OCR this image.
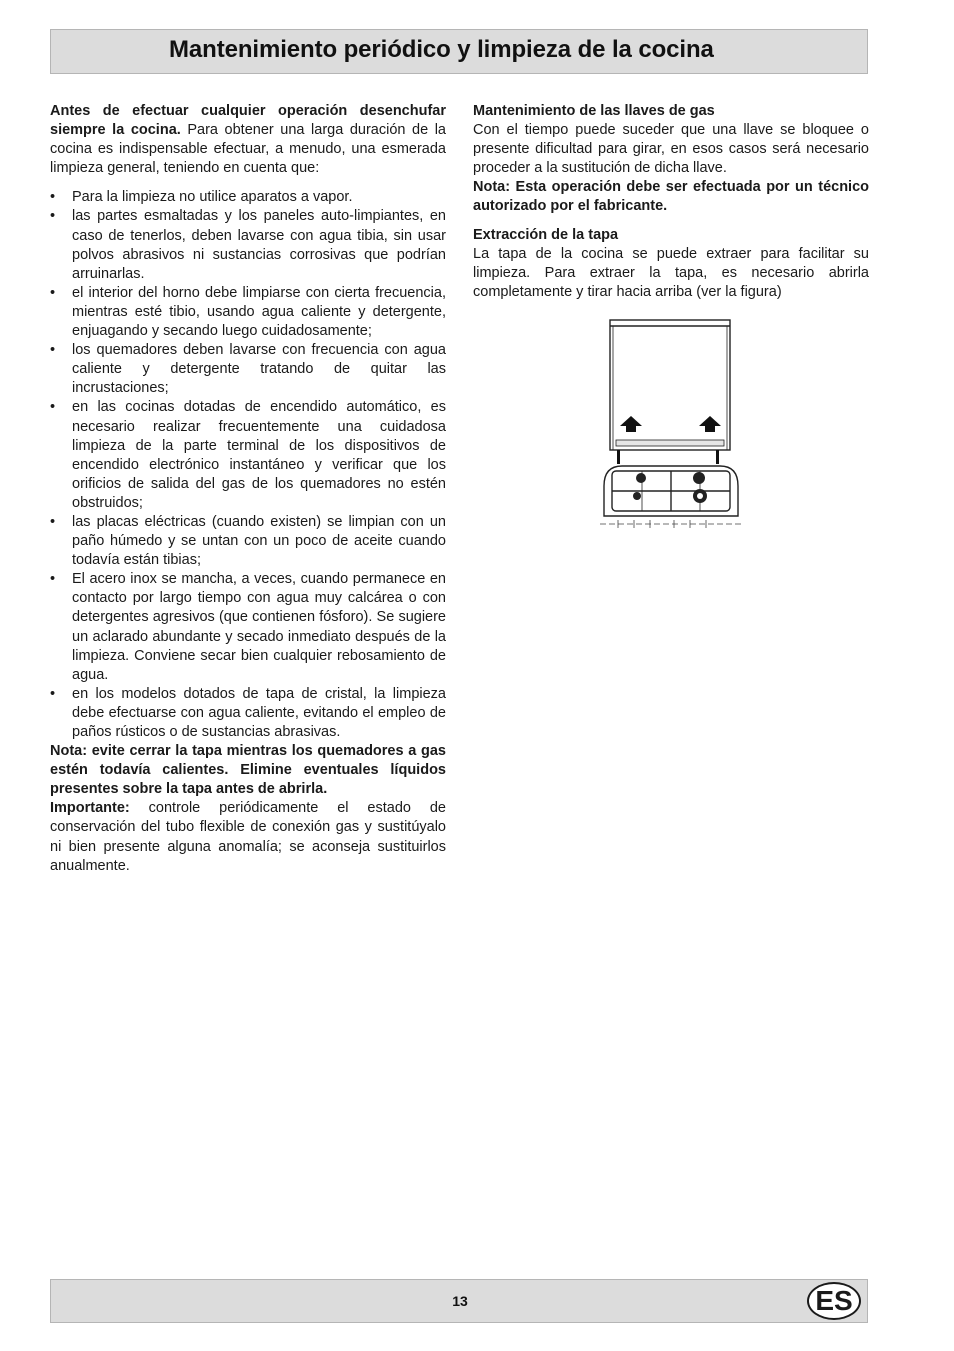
Mantenimiento periódico y limpieza de la cocina

Antes de efectuar cualquier operación desenchufar siempre la cocina. Para obtener una larga duración de la cocina es indispensable efectuar, a menudo, una esmerada limpieza general, teniendo en cuenta que:

• Para la limpieza no utilice aparatos a vapor.
• las partes esmaltadas y los paneles auto-limpiantes, en caso de tenerlos, deben lavarse con agua tibia, sin usar polvos abrasivos ni sustancias corrosivas que podrían arruinarlas.
• el interior del horno debe limpiarse con cierta frecuencia, mientras esté tibio, usando agua caliente y detergente, enjuagando y secando luego cuidadosamente;
• los quemadores deben lavarse con frecuencia con agua caliente y detergente tratando de quitar las incrustaciones;
• en las cocinas dotadas de encendido automático, es necesario realizar frecuentemente una cuidadosa limpieza de la parte terminal de los dispositivos de encendido electrónico instantáneo y verificar que los orificios de salida del gas de los quemadores no estén obstruidos;
• las placas eléctricas (cuando existen) se limpian con un paño húmedo y se untan con un poco de aceite cuando todavía están tibias;
• El acero inox se mancha, a veces, cuando permanece en contacto por largo tiempo con agua muy calcárea o con detergentes agresivos (que contienen fósforo). Se sugiere un aclarado abundante y secado inmediato después de la limpieza. Conviene secar bien cualquier rebosamiento de agua.
• en los modelos dotados de tapa de cristal, la limpieza debe efectuarse con agua caliente, evitando el empleo de paños rústicos o de sustancias abrasivas.

Nota: evite cerrar la tapa mientras los quemadores a gas estén todavía calientes. Elimine eventuales líquidos presentes sobre la tapa antes de abrirla.

Importante: controle periódicamente el estado de conservación del tubo flexible de conexión gas y sustitúyalo ni bien presente alguna anomalía; se aconseja sustituirlos anualmente.

Mantenimiento de las llaves de gas

Con el tiempo puede suceder que una llave se bloquee o presente dificultad para girar, en esos casos será necesario proceder a la sustitución de dicha llave.

Nota: Esta operación debe ser efectuada por un técnico autorizado por el fabricante.

Extracción de la tapa

La tapa de la cocina se puede extraer para facilitar su limpieza. Para extraer la tapa, es necesario abrirla completamente y tirar hacia arriba (ver la figura)

13	ES
